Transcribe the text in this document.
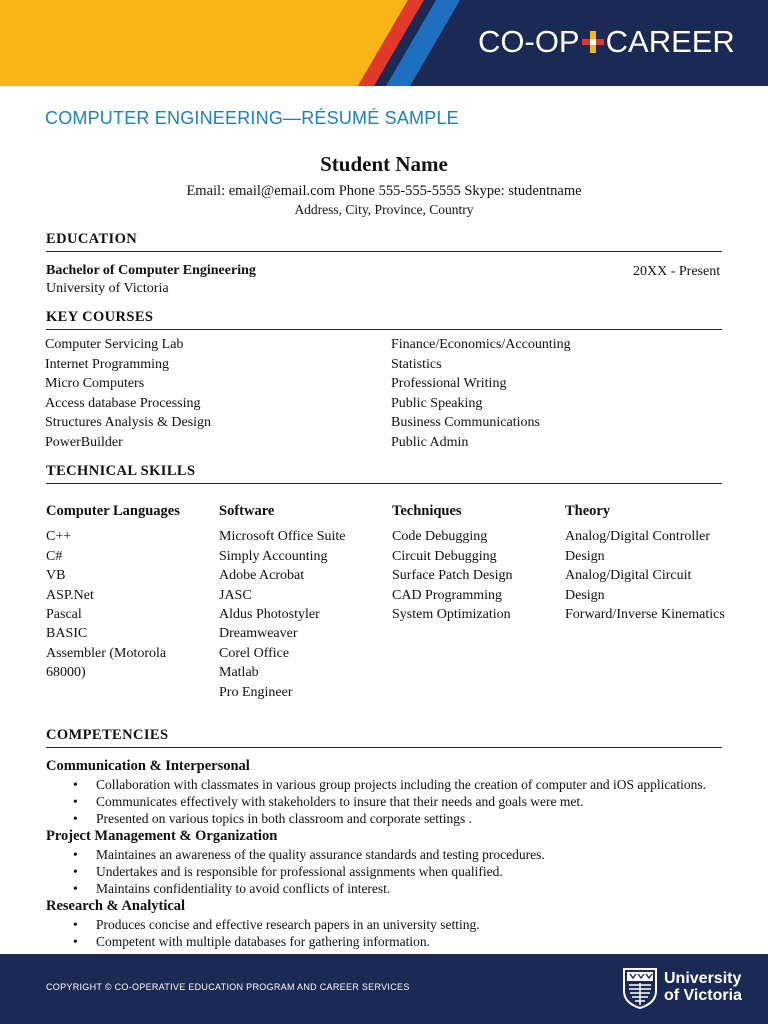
CO-OP CAREER
COMPUTER ENGINEERING—RÉSUMÉ SAMPLE
Student Name
Email: email@email.com Phone 555-555-5555 Skype: studentname
Address, City, Province, Country
EDUCATION
Bachelor of Computer Engineering
University of Victoria
20XX - Present
KEY COURSES
Computer Servicing Lab
Internet Programming
Micro Computers
Access database Processing
Structures Analysis & Design
PowerBuilder
Finance/Economics/Accounting
Statistics
Professional Writing
Public Speaking
Business Communications
Public Admin
TECHNICAL SKILLS
Computer Languages
C++
C#
VB
ASP.Net
Pascal
BASIC
Assembler (Motorola
68000)
Software
Microsoft Office Suite
Simply Accounting
Adobe Acrobat
JASC
Aldus Photostyler
Dreamweaver
Corel Office
Matlab
Pro Engineer
Techniques
Code Debugging
Circuit Debugging
Surface Patch Design
CAD Programming
System Optimization
Theory
Analog/Digital Controller
Design
Analog/Digital Circuit
Design
Forward/Inverse Kinematics
COMPETENCIES
Communication & Interpersonal
• Collaboration with classmates in various group projects including the creation of computer and iOS applications.
• Communicates effectively with stakeholders to insure that their needs and goals were met.
• Presented on various topics in both classroom and corporate settings .
Project Management & Organization
• Maintaines an awareness of the quality assurance standards and testing procedures.
• Undertakes and is responsible for professional assignments when qualified.
• Maintains confidentiality to avoid conflicts of interest.
Research & Analytical
• Produces concise and effective research papers in an university setting.
• Competent with multiple databases for gathering information.
COPYRIGHT © CO-OPERATIVE EDUCATION PROGRAM AND CAREER SERVICES	University
of Victoria
